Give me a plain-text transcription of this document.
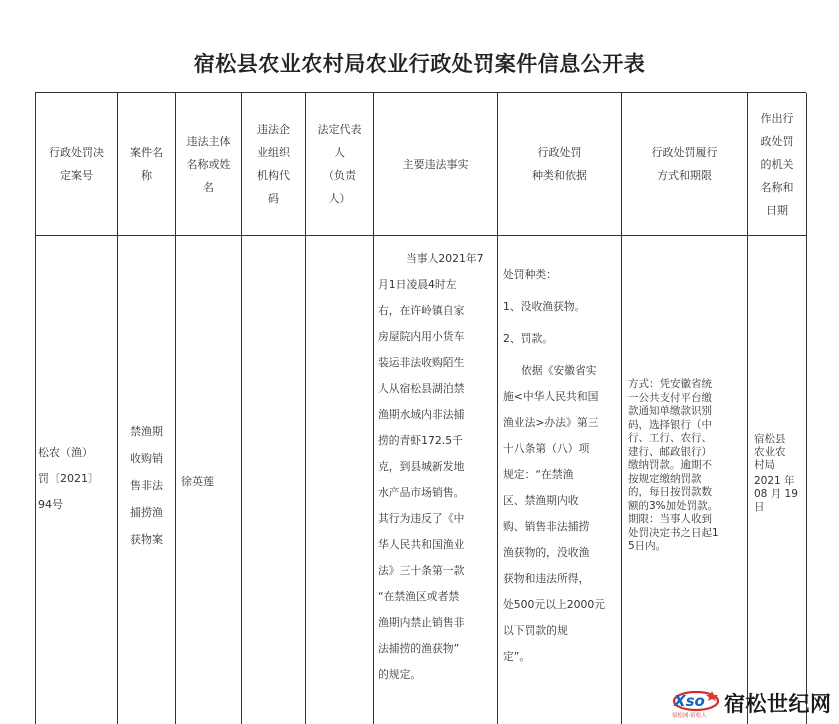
宿松县农业农村局农业行政处罚案件信息公开表
行政处罚决
定案号
案件名
称
违法主体
名称或姓
名
违法企
业组织
机构代
码
法定代表
人
（负责
人）
主要违法事实
行政处罚
种类和依据
行政处罚履行
方式和期限
作出行
政处罚
的机关
名称和
日期
松农（渔）
罚〔2021〕
94号
禁渔期
收购销
售非法
捕捞渔
获物案
徐英莲
当事人2021年7
月1日凌晨4时左
右，在许岭镇自家
房屋院内用小货车
装运非法收购陌生
人从宿松县湖泊禁
渔期水域内非法捕
捞的青虾172.5千
克，到县城新发地
水产品市场销售。
其行为违反了《中
华人民共和国渔业
法》三十条第一款
“在禁渔区或者禁
渔期内禁止销售非
法捕捞的渔获物”
的规定。
处罚种类：
1、没收渔获物。
2、罚款。
依据《安徽省实
施<中华人民共和国
渔业法>办法》第三
十八条第（八）项
规定：“在禁渔
区、禁渔期内收
购、销售非法捕捞
渔获物的，没收渔
获物和违法所得，
处500元以上2000元
以下罚款的规
定”。
方式：凭安徽省统
一公共支付平台缴
款通知单缴款识别
码，选择银行（中
行、工行、农行、
建行、邮政银行）
缴纳罚款。逾期不
按规定缴纳罚款
的，每日按罚款数
额的3%加处罚款。
期限：当事人收到
处罚决定书之日起1
5日内。
宿松县
农业农
村局
2021 年
08 月 19
日
Xso
宿松网·宿松人 宿松世纪网
